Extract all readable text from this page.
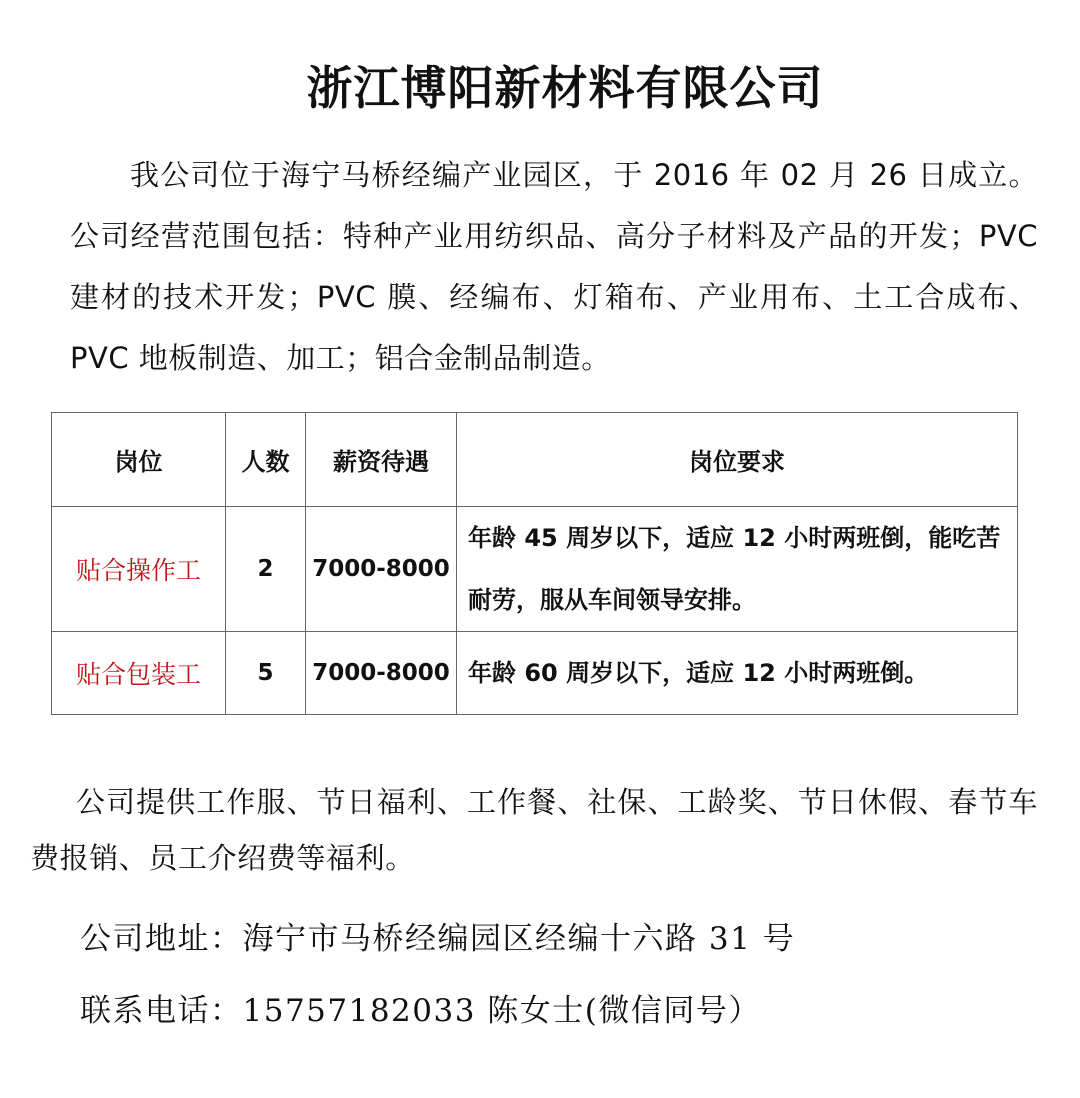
浙江博阳新材料有限公司
我公司位于海宁马桥经编产业园区，于 2016 年 02 月 26 日成立。公司经营范围包括：特种产业用纺织品、高分子材料及产品的开发；PVC 建材的技术开发；PVC 膜、经编布、灯箱布、产业用布、土工合成布、PVC 地板制造、加工；铝合金制品制造。
岗位	人数	薪资待遇	岗位要求
贴合操作工	2	7000-8000	年龄 45 周岁以下，适应 12 小时两班倒，能吃苦耐劳，服从车间领导安排。
贴合包装工	5	7000-8000	年龄 60 周岁以下，适应 12 小时两班倒。
公司提供工作服、节日福利、工作餐、社保、工龄奖、节日休假、春节车费报销、员工介绍费等福利。
公司地址：海宁市马桥经编园区经编十六路 31 号
联系电话：15757182033 陈女士(微信同号）
